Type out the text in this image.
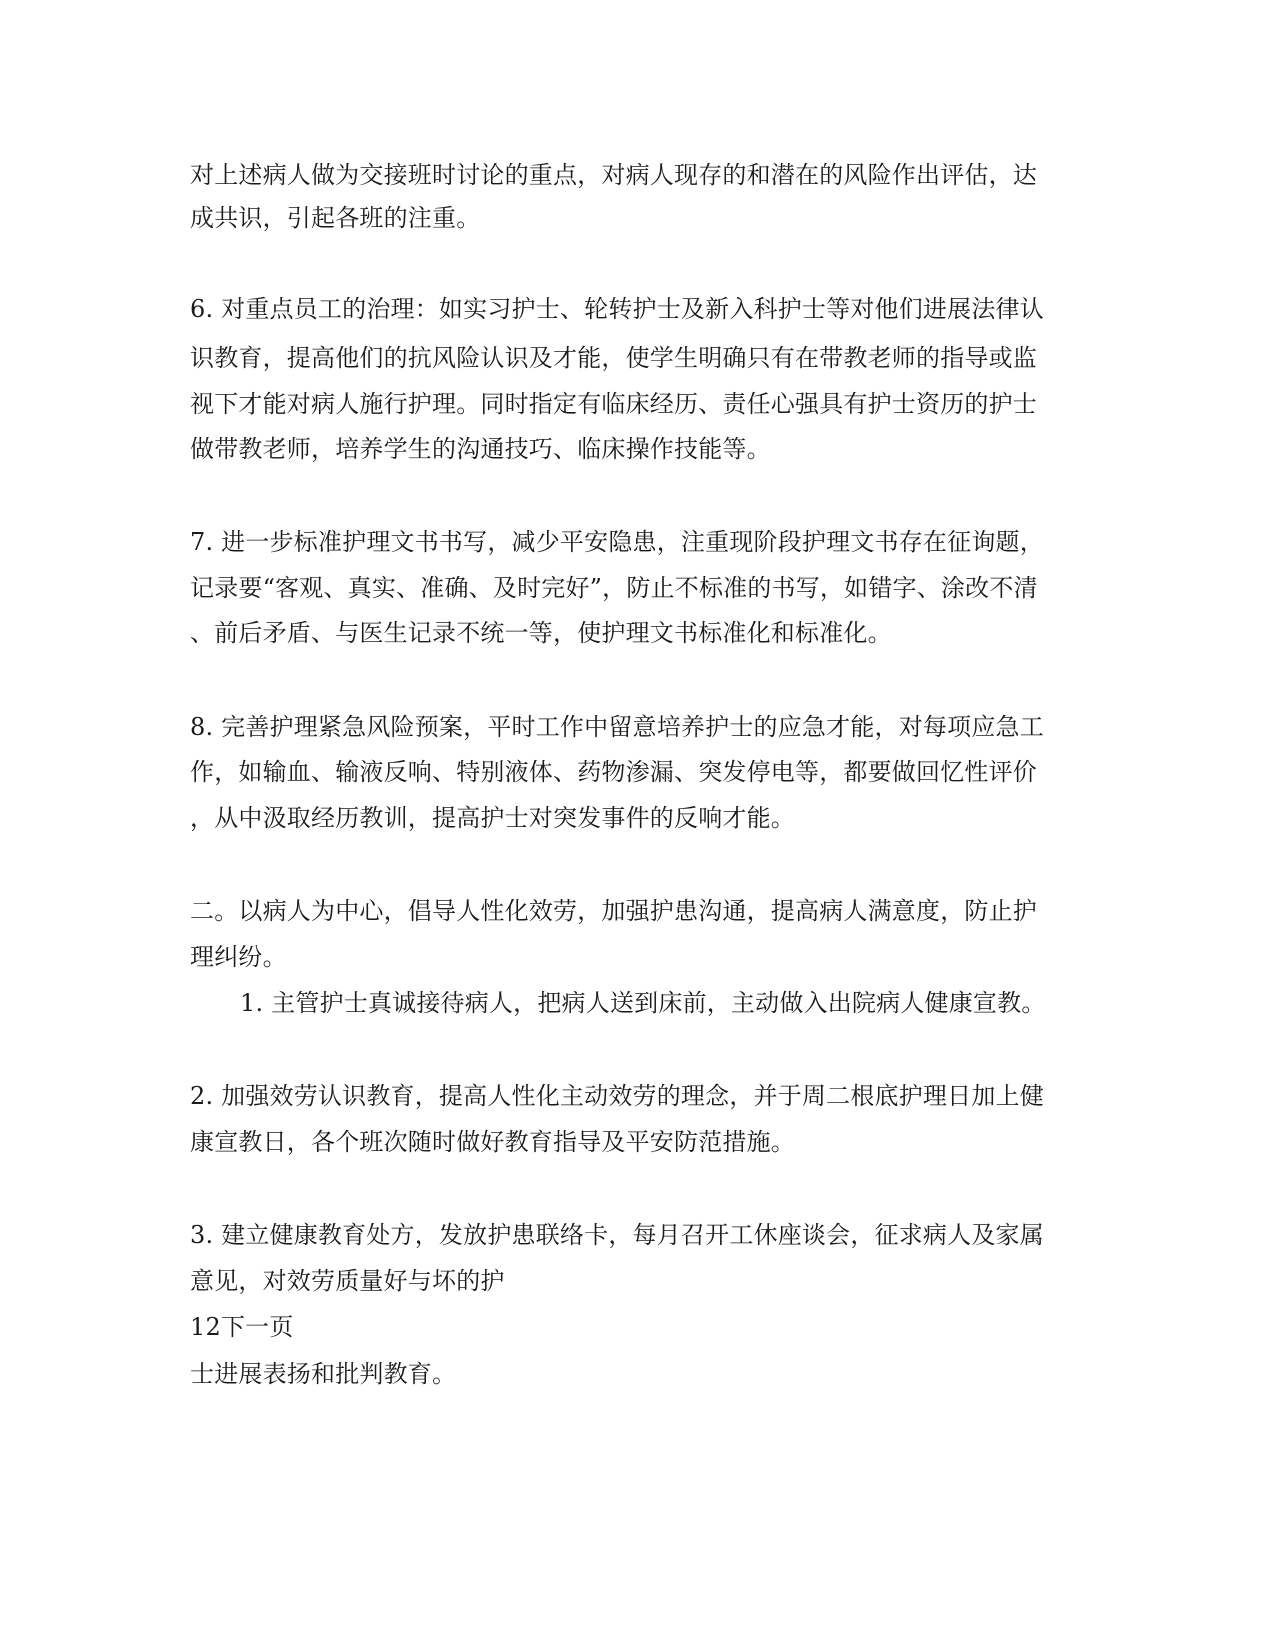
对上述病人做为交接班时讨论的重点，对病人现存的和潜在的风险作出评估，达
成共识，引起各班的注重。
6. 对重点员工的治理：如实习护士、轮转护士及新入科护士等对他们进展法律认
识教育，提高他们的抗风险认识及才能，使学生明确只有在带教老师的指导或监
视下才能对病人施行护理。同时指定有临床经历、责任心强具有护士资历的护士
做带教老师，培养学生的沟通技巧、临床操作技能等。
7. 进一步标准护理文书书写，减少平安隐患，注重现阶段护理文书存在征询题，
记录要“客观、真实、准确、及时完好”，防止不标准的书写，如错字、涂改不清
、前后矛盾、与医生记录不统一等，使护理文书标准化和标准化。
8. 完善护理紧急风险预案，平时工作中留意培养护士的应急才能，对每项应急工
作，如输血、输液反响、特别液体、药物渗漏、突发停电等，都要做回忆性评价
，从中汲取经历教训，提高护士对突发事件的反响才能。
二。以病人为中心，倡导人性化效劳，加强护患沟通，提高病人满意度，防止护
理纠纷。
1. 主管护士真诚接待病人，把病人送到床前，主动做入出院病人健康宣教。
2. 加强效劳认识教育，提高人性化主动效劳的理念，并于周二根底护理日加上健
康宣教日，各个班次随时做好教育指导及平安防范措施。
3. 建立健康教育处方，发放护患联络卡，每月召开工休座谈会，征求病人及家属
意见，对效劳质量好与坏的护
12下一页
士进展表扬和批判教育。
